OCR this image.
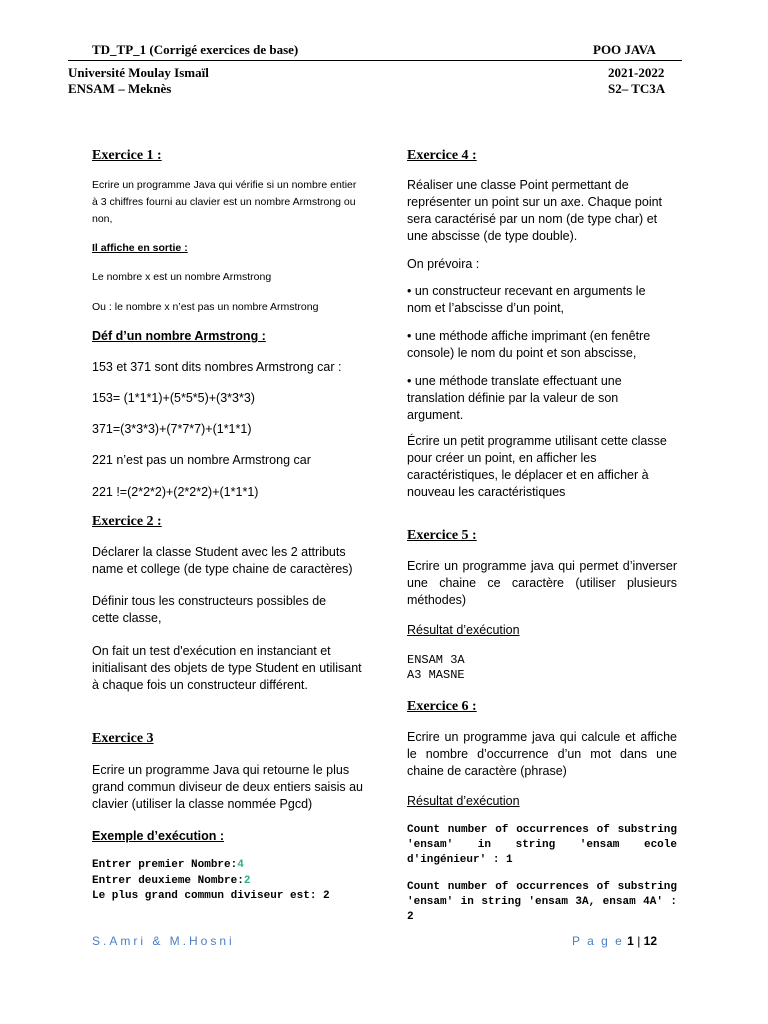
TD_TP_1 (Corrigé exercices de base)	POO JAVA
Université Moulay Ismaïl
ENSAM – Meknès
2021-2022
S2– TC3A
Exercice 1 :
Ecrire un programme Java qui vérifie si un nombre entier à 3 chiffres fourni au clavier est un nombre Armstrong ou non,
Il affiche en sortie :
Le nombre x est un nombre Armstrong
Ou : le nombre x n’est pas un nombre Armstrong
Déf d’un nombre Armstrong :
153 et 371 sont dits nombres Armstrong car :
153= (1*1*1)+(5*5*5)+(3*3*3)
371=(3*3*3)+(7*7*7)+(1*1*1)
221 n’est pas un nombre Armstrong car
221 !=(2*2*2)+(2*2*2)+(1*1*1)
Exercice 2 :
Déclarer la classe Student avec les 2 attributs name et college (de type chaine de caractères)
Définir tous les constructeurs possibles de cette classe,
On fait un test d'exécution en instanciant et initialisant des objets de type Student en utilisant à chaque fois un constructeur différent.
Exercice 3
Ecrire un programme Java qui retourne le plus grand commun diviseur de deux entiers saisis au clavier (utiliser la classe nommée Pgcd)
Exemple d’exécution :
Entrer premier Nombre:4
Entrer deuxieme Nombre:2
Le plus grand commun diviseur est: 2
Exercice 4 :
Réaliser une classe Point permettant de représenter un point sur un axe. Chaque point sera caractérisé par un nom (de type char) et une abscisse (de type double).
On prévoira :
• un constructeur recevant en arguments le nom et l’abscisse d’un point,
• une méthode affiche imprimant (en fenêtre console) le nom du point et son abscisse,
• une méthode translate effectuant une translation définie par la valeur de son argument.
Écrire un petit programme utilisant cette classe pour créer un point, en afficher les caractéristiques, le déplacer et en afficher à nouveau les caractéristiques
Exercice 5 :
Ecrire un programme java qui permet d’inverser une chaine ce caractère (utiliser plusieurs méthodes)
Résultat d’exécution
ENSAM 3A
A3 MASNE
Exercice 6 :
Ecrire un programme java qui calcule et affiche le nombre d’occurrence d’un mot dans une chaine de caractère (phrase)
Résultat d’exécution
Count number of occurrences of substring 'ensam' in string 'ensam ecole d'ingénieur' : 1
Count number of occurrences of substring 'ensam' in string 'ensam 3A, ensam 4A' : 2
S.Amri & M.Hosni	P a g e 1 | 12
